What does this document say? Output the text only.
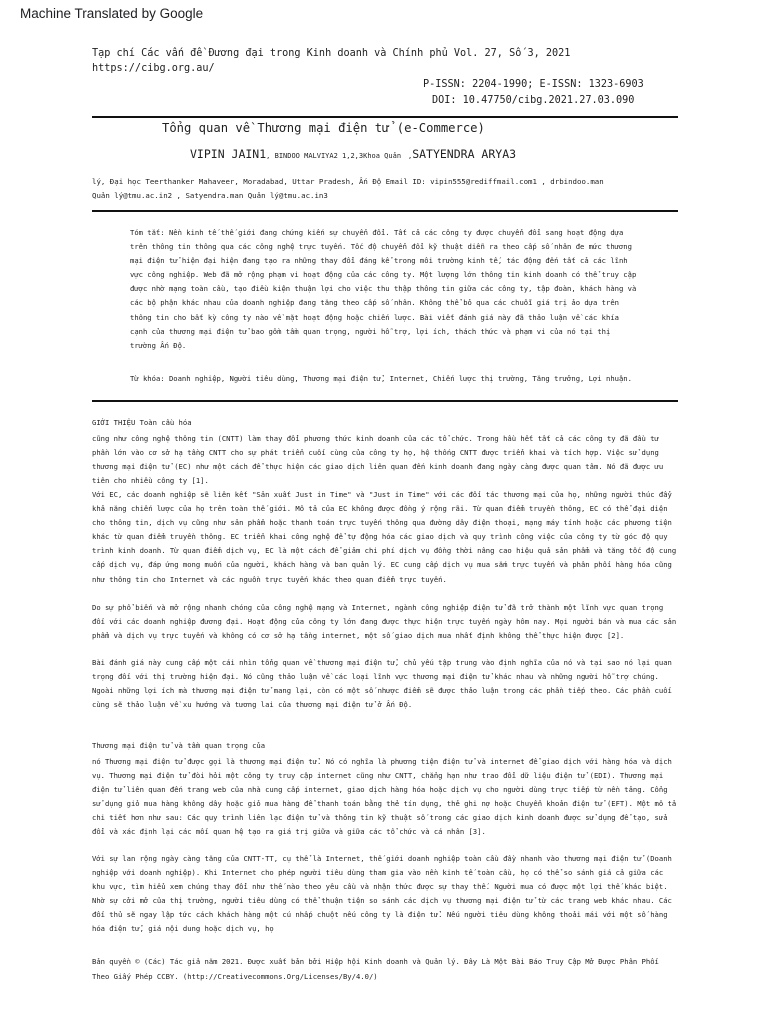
Machine Translated by Google
Tạp chí Các vấn đề Đương đại trong Kinh doanh và Chính phủ Vol. 27, Số 3, 2021
https://cibg.org.au/
P-ISSN: 2204-1990; E-ISSN: 1323-6903
DOI: 10.47750/cibg.2021.27.03.090
Tổng quan về Thương mại điện tử (e-Commerce)
VIPIN JAIN1, BINDOO MALVIYA2 1,2,3Khoa Quản ,SATYENDRA ARYA3
lý, Đại học Teerthanker Mahaveer, Moradabad, Uttar Pradesh, Ấn Độ Email ID: vipin555@rediffmail.com1 , drbindoo.man
Quản lý@tmu.ac.in2 , Satyendra.man Quản lý@tmu.ac.in3
Tóm tắt: Nền kinh tế thế giới đang chứng kiến sự chuyển đổi. Tất cả các công ty được chuyển đổi sang hoạt động dựa trên thông tin thông qua các công nghệ trực tuyến. Tốc độ chuyển đổi kỹ thuật diễn ra theo cấp số nhân đe mức thương mại điện tử hiện đại hiện đang tạo ra những thay đổi đáng kể trong môi trường kinh tế, tác động đến tất cả các lĩnh vực công nghiệp. Web đã mở rộng phạm vi hoạt động của các công ty. Một lượng lớn thông tin kinh doanh có thể truy cập được nhờ mạng toàn cầu, tạo điều kiện thuận lợi cho việc thu thập thông tin giữa các công ty, tập đoàn, khách hàng và các bộ phận khác nhau của doanh nghiệp đang tăng theo cấp số nhân. Không thể bỏ qua các chuỗi giá trị ảo dựa trên thông tin cho bất kỳ công ty nào về mặt hoạt động hoặc chiến lược. Bài viết đánh giá này đã thảo luận về các khía cạnh của thương mại điện tử bao gồm tầm quan trọng, người hỗ trợ, lợi ích, thách thức và phạm vi của nó tại thị trường Ấn Độ.
Từ khóa: Doanh nghiệp, Người tiêu dùng, Thương mại điện tử, Internet, Chiến lược thị trường, Tăng trưởng, Lợi nhuận.
GIỚI THIỆU Toàn cầu hóa
cũng như công nghệ thông tin (CNTT) làm thay đổi phương thức kinh doanh của các tổ chức. Trong hầu hết tất cả các công ty đã đầu tư phần lớn vào cơ sở hạ tầng CNTT cho sự phát triển cuối cùng của công ty họ, hệ thống CNTT được triển khai và tích hợp. Việc sử dụng thương mại điện tử (EC) như một cách để thực hiện các giao dịch liên quan đến kinh doanh đang ngày càng được quan tâm. Nó đã được ưu tiên cho nhiều công ty [1].
Với EC, các doanh nghiệp sẽ liên kết "Sản xuất Just in Time" và "Just in Time" với các đối tác thương mại của họ, những người thúc đẩy khả năng chiến lược của họ trên toàn thế giới. Mô tả của EC không được đồng ý rộng rãi. Từ quan điểm truyền thông, EC có thể đại diện cho thông tin, dịch vụ cũng như sản phẩm hoặc thanh toán trực tuyến thông qua đường dây điện thoại, mạng máy tính hoặc các phương tiện khác từ quan điểm truyền thông. EC triển khai công nghệ để tự động hóa các giao dịch và quy trình công việc của công ty từ góc độ quy trình kinh doanh. Từ quan điểm dịch vụ, EC là một cách để giảm chi phí dịch vụ đồng thời nâng cao hiệu quả sản phẩm và tăng tốc độ cung cấp dịch vụ, đáp ứng mong muốn của người, khách hàng và ban quản lý. EC cung cấp dịch vụ mua sắm trực tuyến và phân phối hàng hóa cũng như thông tin cho Internet và các nguồn trực tuyến khác theo quan điểm trực tuyến.
Do sự phổ biến và mở rộng nhanh chóng của công nghệ mạng và Internet, ngành công nghiệp điện tử đã trở thành một lĩnh vực quan trọng đối với các doanh nghiệp đương đại. Hoạt động của công ty lớn đang được thực hiện trực tuyến ngày hôm nay. Mọi người bán và mua các sản phẩm và dịch vụ trực tuyến và không có cơ sở hạ tầng internet, một số giao dịch mua nhất định không thể thực hiện được [2].
Bài đánh giá này cung cấp một cái nhìn tổng quan về thương mại điện tử, chủ yếu tập trung vào định nghĩa của nó và tại sao nó lại quan trọng đối với thị trường hiện đại. Nó cũng thảo luận về các loại lĩnh vực thương mại điện tử khác nhau và những người hỗ trợ chúng. Ngoài những lợi ích mà thương mại điện tử mang lại, còn có một số nhược điểm sẽ được thảo luận trong các phần tiếp theo. Các phần cuối cùng sẽ thảo luận về xu hướng và tương lai của thương mại điện tử ở Ấn Độ.
Thương mại điện tử và tầm quan trọng của
nó Thương mại điện tử được gọi là thương mại điện tử. Nó có nghĩa là phương tiện điện tử và internet để giao dịch với hàng hóa và dịch vụ. Thương mại điện tử đòi hỏi một công ty truy cập internet cũng như CNTT, chẳng hạn như trao đổi dữ liệu điện tử (EDI). Thương mại điện tử liên quan đến trang web của nhà cung cấp internet, giao dịch hàng hóa hoặc dịch vụ cho người dùng trực tiếp từ nền tảng. Cổng sử dụng giỏ mua hàng không dây hoặc giỏ mua hàng để thanh toán bằng thẻ tín dụng, thẻ ghi nợ hoặc Chuyển khoản điện tử (EFT). Một mô tả chi tiết hơn như sau: Các quy trình liên lạc điện tử và thông tin kỹ thuật số trong các giao dịch kinh doanh được sử dụng để tạo, sửa đổi và xác định lại các mối quan hệ tạo ra giá trị giữa và giữa các tổ chức và cá nhân [3].
Với sự lan rộng ngày càng tăng của CNTT-TT, cụ thể là Internet, thế giới doanh nghiệp toàn cầu đầy nhanh vào thương mại điện tử (Doanh nghiệp với doanh nghiệp). Khi Internet cho phép người tiêu dùng tham gia vào nền kinh tế toàn cầu, họ có thể so sánh giá cả giữa các khu vực, tìm hiểu xem chúng thay đổi như thế nào theo yêu cầu và nhận thức được sự thay thế. Người mua có được một lợi thế khác biệt. Nhờ sự cởi mở của thị trường, người tiêu dùng có thể thuận tiện so sánh các dịch vụ thương mại điện tử từ các trang web khác nhau. Các đối thủ sẽ ngay lập tức cách khách hàng một cú nhấp chuột nếu công ty là điện tử. Nếu người tiêu dùng không thoải mái với một số hàng hóa điện tử, giá nội dung hoặc dịch vụ, họ
Bản quyền © (Các) Tác giả năm 2021. Được xuất bản bởi Hiệp hội Kinh doanh và Quản lý. Đây Là Một Bài Báo Truy Cập Mở Được Phân Phối Theo Giấy Phép CCBY. (http://Creativecommons.Org/Licenses/By/4.0/)
